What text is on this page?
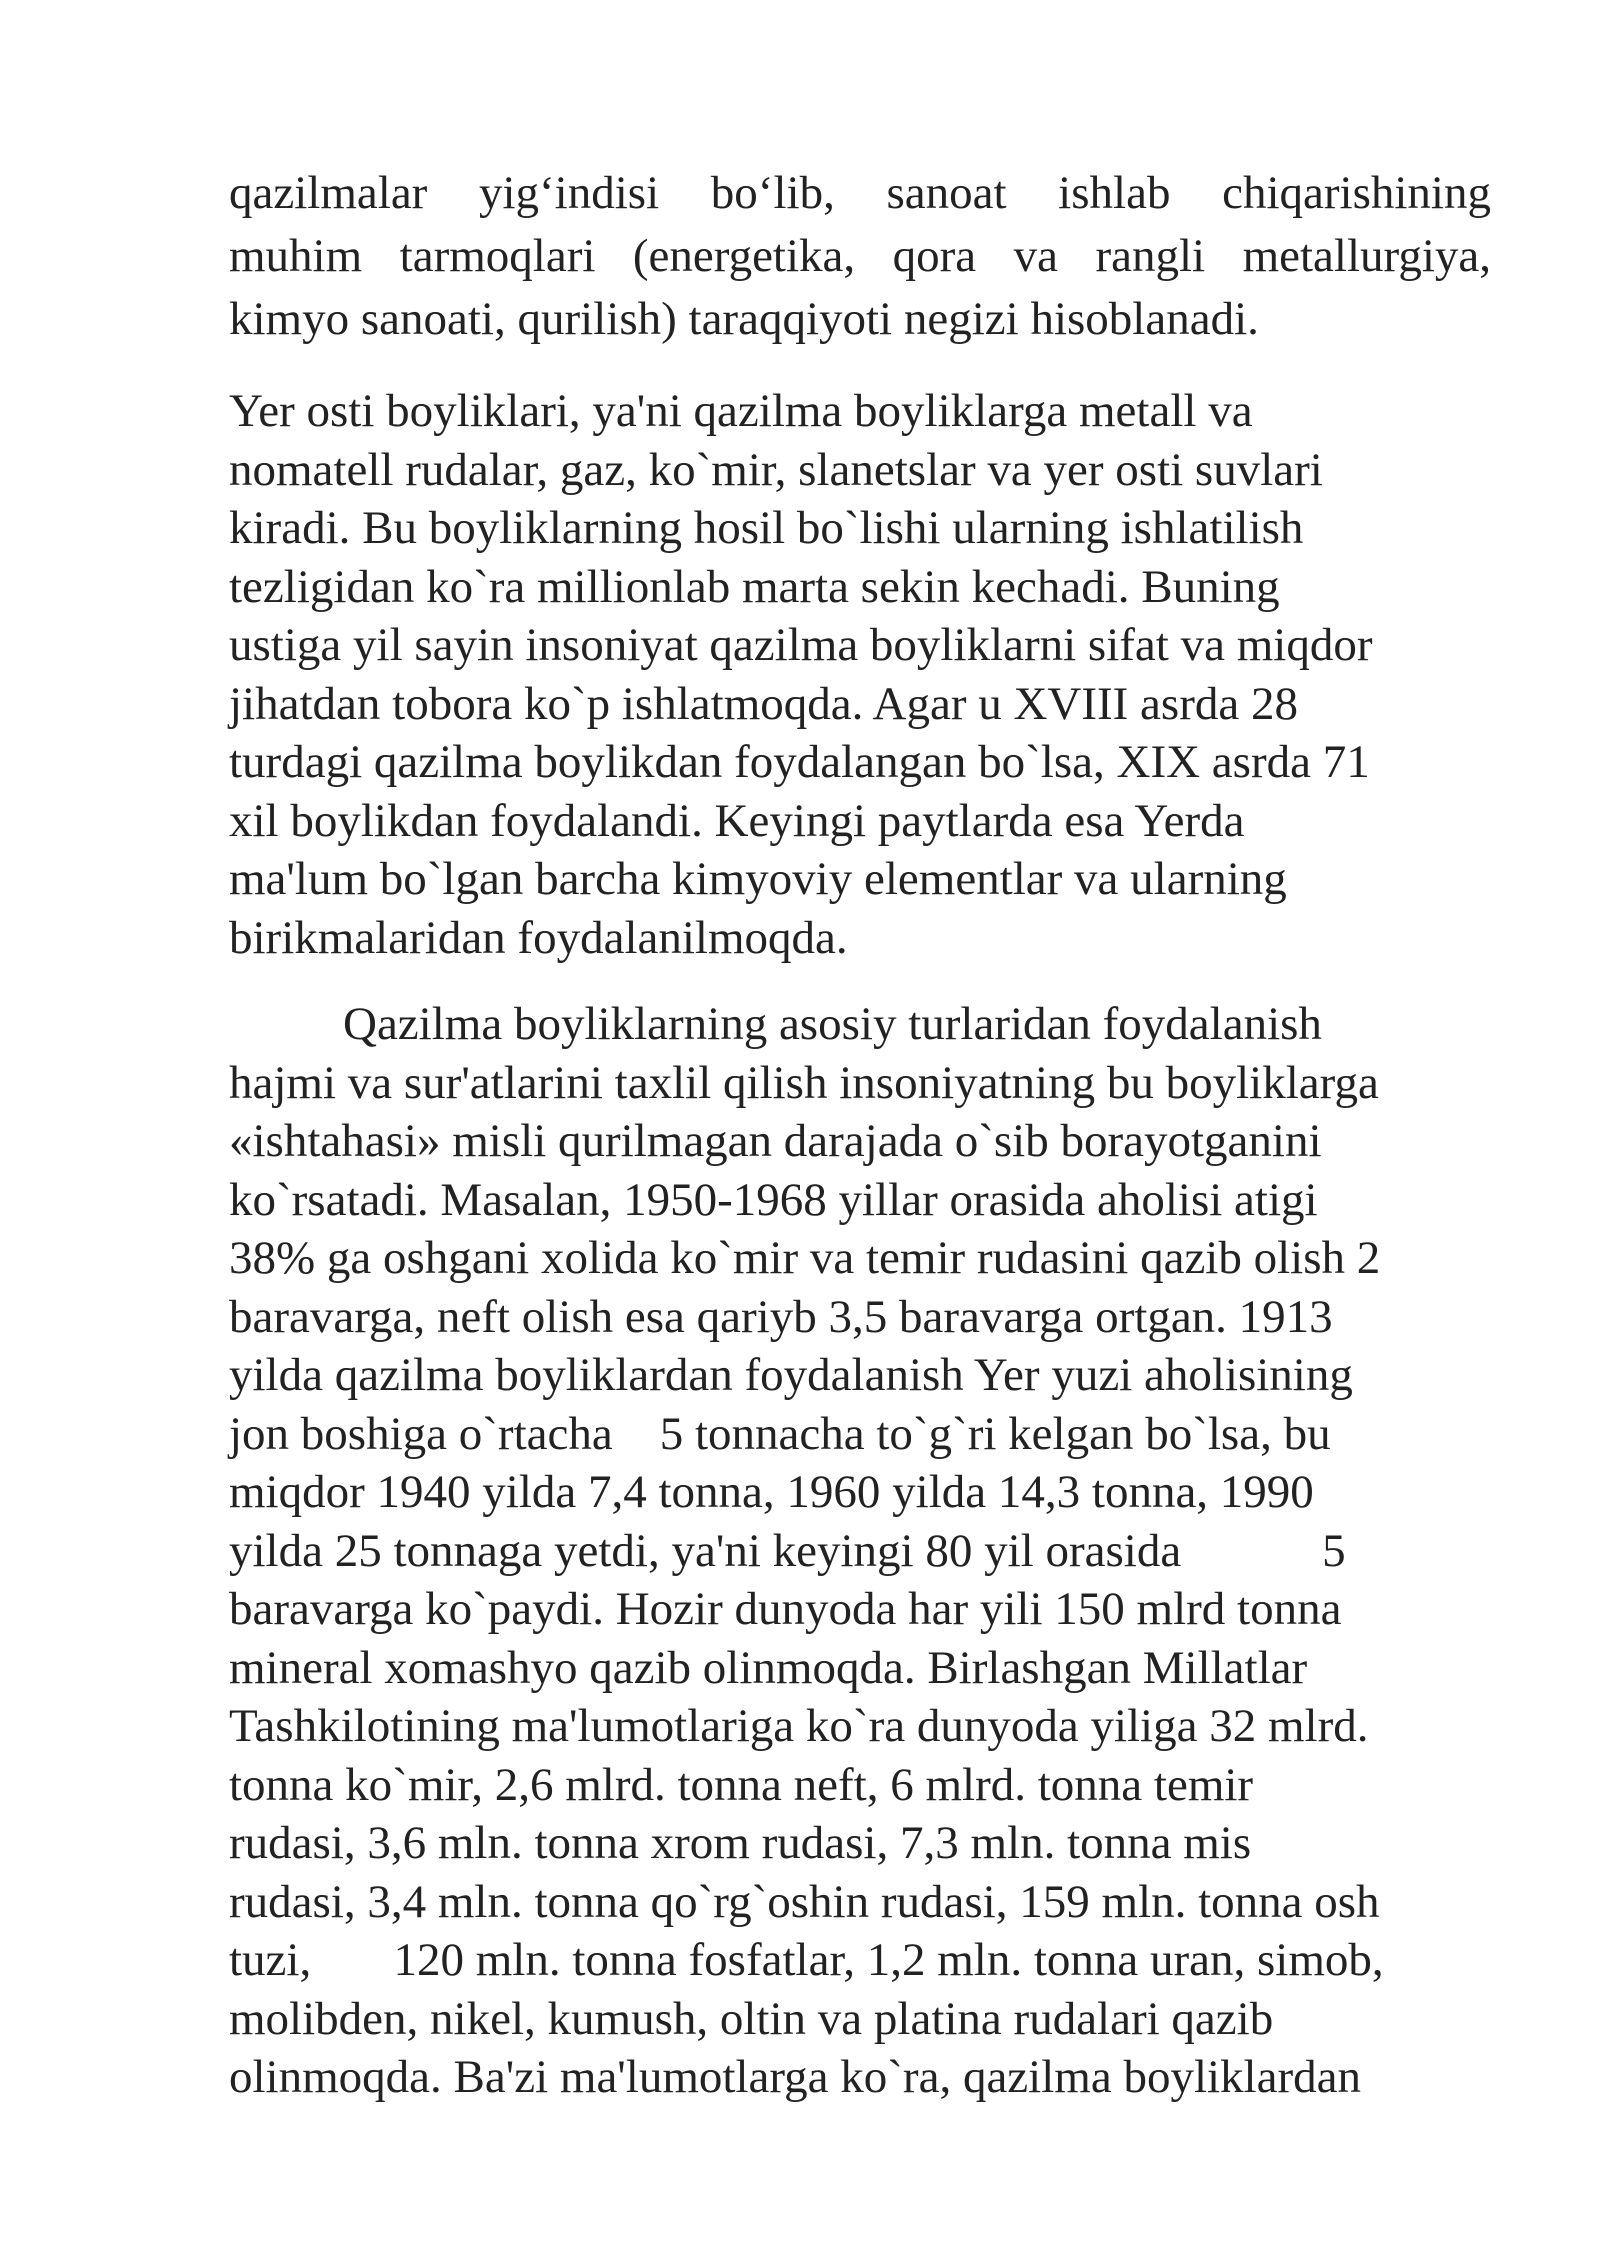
qazilmalar yig‘indisi bo‘lib, sanoat ishlab chiqarishining
muhim tarmoqlari (energetika, qora va rangli metallurgiya,
kimyo sanoati, qurilish) taraqqiyoti negizi hisoblanadi.
Yer osti boyliklari, ya'ni qazilma boyliklarga metall va
nomatell rudalar, gaz, ko`mir, slanetslar va yer osti suvlari
kiradi. Bu boyliklarning hosil bo`lishi ularning ishlatilish
tezligidan ko`ra millionlab marta sekin kechadi. Buning
ustiga yil sayin insoniyat qazilma boyliklarni sifat va miqdor
jihatdan tobora ko`p ishlatmoqda. Agar u XVIII asrda 28
turdagi qazilma boylikdan foydalangan bo`lsa, XIX asrda 71
xil boylikdan foydalandi. Keyingi paytlarda esa Yerda
ma'lum bo`lgan barcha kimyoviy elementlar va ularning
birikmalaridan foydalanilmoqda.
Qazilma boyliklarning asosiy turlaridan foydalanish
hajmi va sur'atlarini taxlil qilish insoniyatning bu boyliklarga
«ishtahasi» misli qurilmagan darajada o`sib borayotganini
ko`rsatadi. Masalan, 1950-1968 yillar orasida aholisi atigi
38% ga oshgani xolida ko`mir va temir rudasini qazib olish 2
baravarga, neft olish esa qariyb 3,5 baravarga ortgan. 1913
yilda qazilma boyliklardan foydalanish Yer yuzi aholisining
jon boshiga o`rtacha    5 tonnacha to`g`ri kelgan bo`lsa, bu
miqdor 1940 yilda 7,4 tonna, 1960 yilda 14,3 tonna, 1990
yilda 25 tonnaga yetdi, ya'ni keyingi 80 yil orasida            5
baravarga ko`paydi. Hozir dunyoda har yili 150 mlrd tonna
mineral xomashyo qazib olinmoqda. Birlashgan Millatlar
Tashkilotining ma'lumotlariga ko`ra dunyoda yiliga 32 mlrd.
tonna ko`mir, 2,6 mlrd. tonna neft, 6 mlrd. tonna temir
rudasi, 3,6 mln. tonna xrom rudasi, 7,3 mln. tonna mis
rudasi, 3,4 mln. tonna qo`rg`oshin rudasi, 159 mln. tonna osh
tuzi,       120 mln. tonna fosfatlar, 1,2 mln. tonna uran, simob,
molibden, nikel, kumush, oltin va platina rudalari qazib
olinmoqda. Ba'zi ma'lumotlarga ko`ra, qazilma boyliklardan
